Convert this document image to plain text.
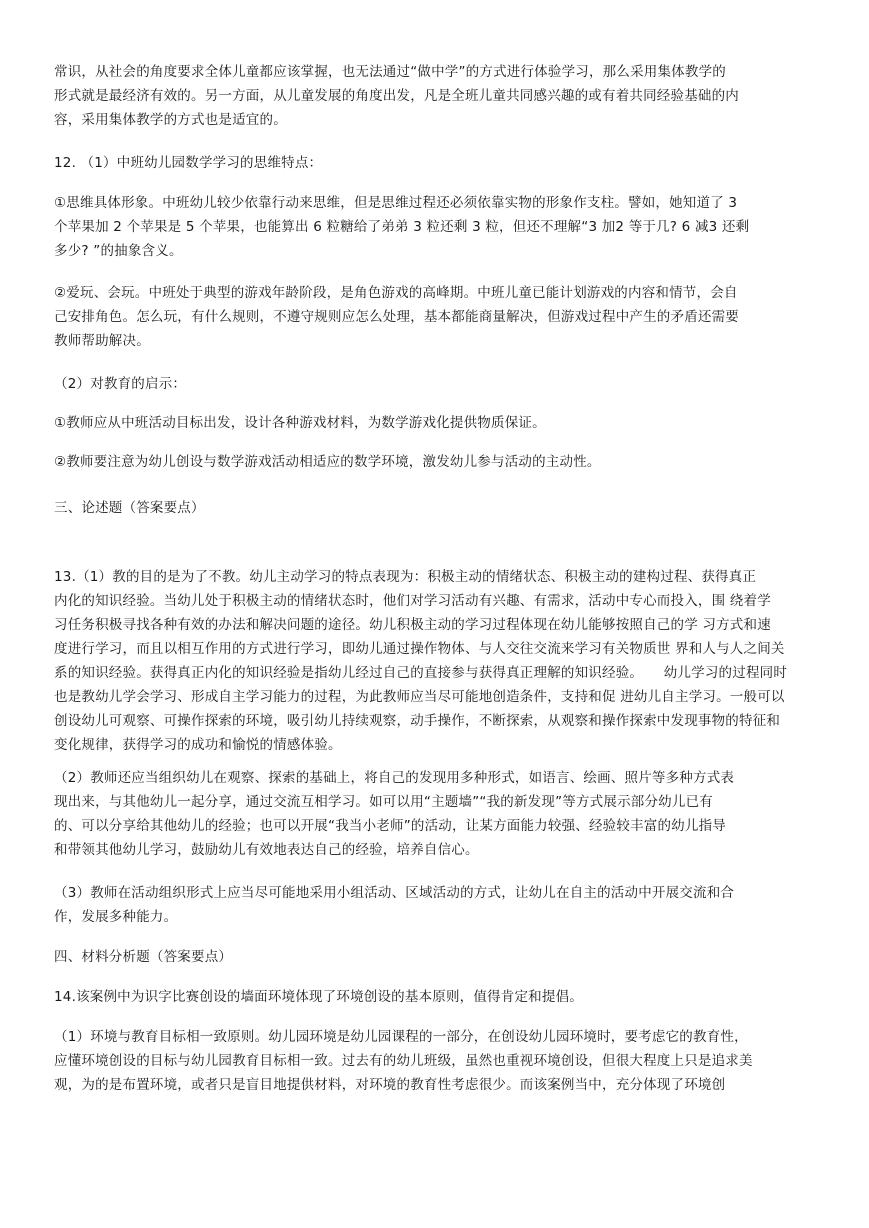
常识，从社会的角度要求全体儿童都应该掌握，也无法通过“做中学”的方式进行体验学习，那么采用集体教学的
形式就是最经济有效的。另一方面，从儿童发展的角度出发，凡是全班儿童共同感兴趣的或有着共同经验基础的内
容，采用集体教学的方式也是适宜的。
12. （1）中班幼儿园数学学习的思维特点：
①思维具体形象。中班幼儿较少依靠行动来思维，但是思维过程还必须依靠实物的形象作支柱。譬如，她知道了 3
个苹果加 2 个苹果是 5 个苹果，也能算出 6 粒糖给了弟弟 3 粒还剩 3 粒，但还不理解“3 加2 等于几? 6 减3 还剩
多少? ”的抽象含义。
②爱玩、会玩。中班处于典型的游戏年龄阶段，是角色游戏的高峰期。中班儿童已能计划游戏的内容和情节，会自
己安排角色。怎么玩，有什么规则，不遵守规则应怎么处理，基本都能商量解决，但游戏过程中产生的矛盾还需要
教师帮助解决。
（2）对教育的启示：
①教师应从中班活动目标出发，设计各种游戏材料，为数学游戏化提供物质保证。
②教师要注意为幼儿创设与数学游戏活动相适应的数学环境，激发幼儿参与活动的主动性。
三、论述题（答案要点）
13.（1）教的目的是为了不教。幼儿主动学习的特点表现为：积极主动的情绪状态、积极主动的建构过程、获得真正
内化的知识经验。当幼儿处于积极主动的情绪状态时，他们对学习活动有兴趣、有需求，活动中专心而投入，围 绕着学
习任务积极寻找各种有效的办法和解决问题的途径。幼儿积极主动的学习过程体现在幼儿能够按照自己的学 习方式和速
度进行学习，而且以相互作用的方式进行学习，即幼儿通过操作物体、与人交往交流来学习有关物质世 界和人与人之间关
系的知识经验。获得真正内化的知识经验是指幼儿经过自己的直接参与获得真正理解的知识经验。　　幼儿学习的过程同时
也是教幼儿学会学习、形成自主学习能力的过程，为此教师应当尽可能地创造条件，支持和促 进幼儿自主学习。一般可以
创设幼儿可观察、可操作探索的环境，吸引幼儿持续观察，动手操作，不断探索，从观察和操作探索中发现事物的特征和
变化规律，获得学习的成功和愉悦的情感体验。
（2）教师还应当组织幼儿在观察、探索的基础上，将自己的发现用多种形式，如语言、绘画、照片等多种方式表
现出来，与其他幼儿一起分享，通过交流互相学习。如可以用“主题墙”“我的新发现”等方式展示部分幼儿已有
的、可以分享给其他幼儿的经验；也可以开展“我当小老师”的活动，让某方面能力较强、经验较丰富的幼儿指导
和带领其他幼儿学习，鼓励幼儿有效地表达自己的经验，培养自信心。
（3）教师在活动组织形式上应当尽可能地采用小组活动、区域活动的方式，让幼儿在自主的活动中开展交流和合
作，发展多种能力。
四、材料分析题（答案要点）
14.该案例中为识字比赛创设的墙面环境体现了环境创设的基本原则，值得肯定和提倡。
（1）环境与教育目标相一致原则。幼儿园环境是幼儿园课程的一部分，在创设幼儿园环境时，要考虑它的教育性，
应懂环境创设的目标与幼儿园教育目标相一致。过去有的幼儿班级，虽然也重视环境创设，但很大程度上只是追求美
观，为的是布置环境，或者只是盲目地提供材料，对环境的教育性考虑很少。而该案例当中，充分体现了环境创
